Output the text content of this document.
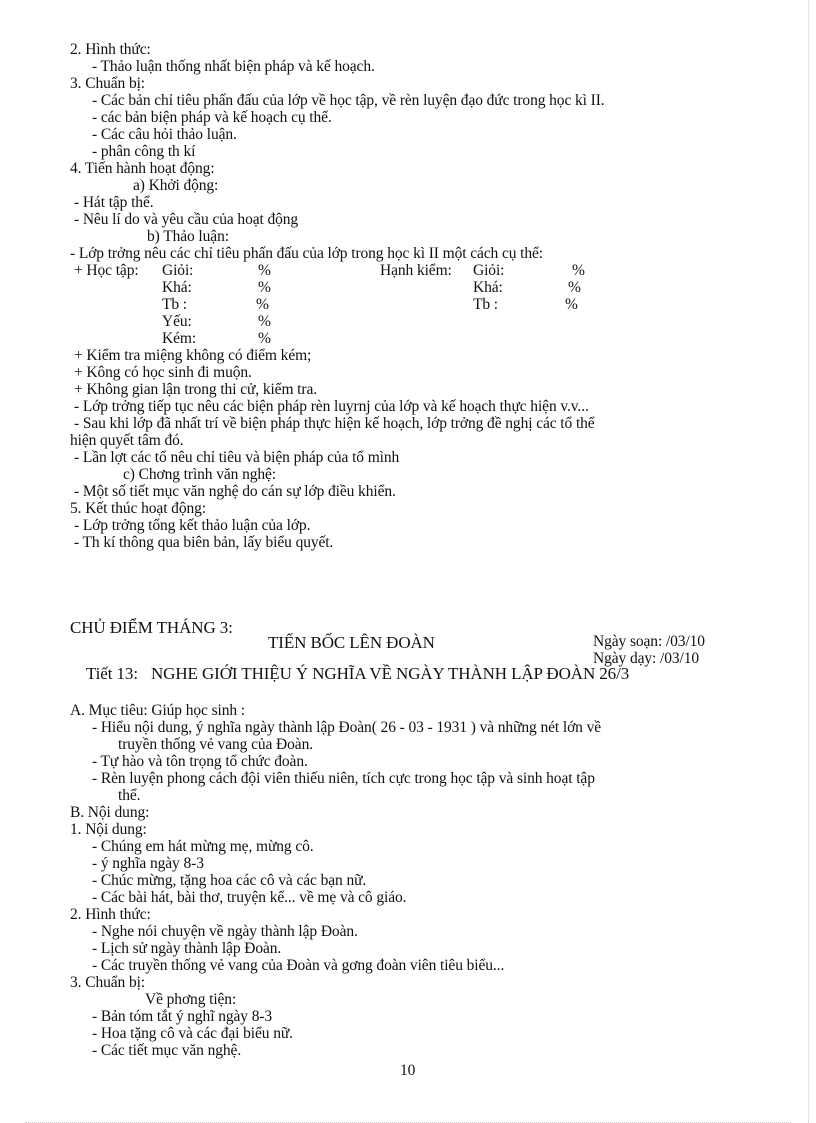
2. Hình thức:
- Thảo luận thống nhất biện pháp và kế hoạch.
3. Chuẩn bị:
- Các bản chỉ tiêu phấn đấu của lớp về học tập, về rèn luyện đạo đức trong học kì II.
- các bản biện pháp và kế hoạch cụ thể.
- Các câu hỏi thảo luận.
- phân công th kí
4. Tiến hành hoạt động:
a) Khởi động:
- Hát tập thể.
- Nêu lí do và yêu cầu của hoạt động
b) Thảo luận:
- Lớp trởng nêu các chỉ tiêu phấn đấu của lớp trong học kì II một cách cụ thể:
+ Học tập: Giỏi:	%	Hạnh kiểm: Giỏi:	%
Khá:	%	Khá:	%
Tb :	%	Tb :	%
Yếu:	%
Kém:	%
+ Kiểm tra miệng không có điểm kém;
+ Kông có học sinh đi muộn.
+ Không gian lận trong thi cử, kiểm tra.
- Lớp trởng tiếp tục nêu các biện pháp rèn luyrnj của lớp và kế hoạch thực hiện v.v...
- Sau khi lớp đã nhất trí về biện pháp thực hiện kế hoạch, lớp trởng đề nghị các tổ thể
hiện quyết tâm đó.
- Lần lợt các tổ nêu chỉ tiêu và biện pháp của tổ mình
c) Chơng trình văn nghệ:
- Một số tiết mục văn nghệ do cán sự lớp điều khiển.
5. Kết thúc hoạt động:
- Lớp trởng tổng kết thảo luận của lớp.
- Th kí thông qua biên bản, lấy biểu quyết.
CHỦ ĐIỂM THÁNG 3:
TIẾN BỐC LÊN ĐOÀN	Ngày soạn: /03/10
Ngày dạy: /03/10
Tiết 13: NGHE GIỚI THIỆU Ý NGHĨA VỀ NGÀY THÀNH LẬP ĐOÀN 26/3
A. Mục tiêu: Giúp học sinh :
- Hiểu nội dung, ý nghĩa ngày thành lập Đoàn( 26 - 03 - 1931 ) và những nét lớn về
truyền thống vẻ vang của Đoàn.
- Tự hào và tôn trọng tổ chức đoàn.
- Rèn luyện phong cách đội viên thiếu niên, tích cực trong học tập và sinh hoạt tập
thể.
B. Nội dung:
1. Nội dung:
- Chúng em hát mừng mẹ, mừng cô.
- ý nghĩa ngày 8-3
- Chúc mừng, tặng hoa các cô và các bạn nữ.
- Các bài hát, bài thơ, truyện kể... về mẹ và cô giáo.
2. Hình thức:
- Nghe nói chuyện về ngày thành lập Đoàn.
- Lịch sử ngày thành lập Đoàn.
- Các truyền thống vẻ vang của Đoàn và gơng đoàn viên tiêu biểu...
3. Chuẩn bị:
Về phơng tiện:
- Bản tóm tắt ý nghĩ ngày 8-3
- Hoa tặng cô và các đại biểu nữ.
- Các tiết mục văn nghệ.
10
